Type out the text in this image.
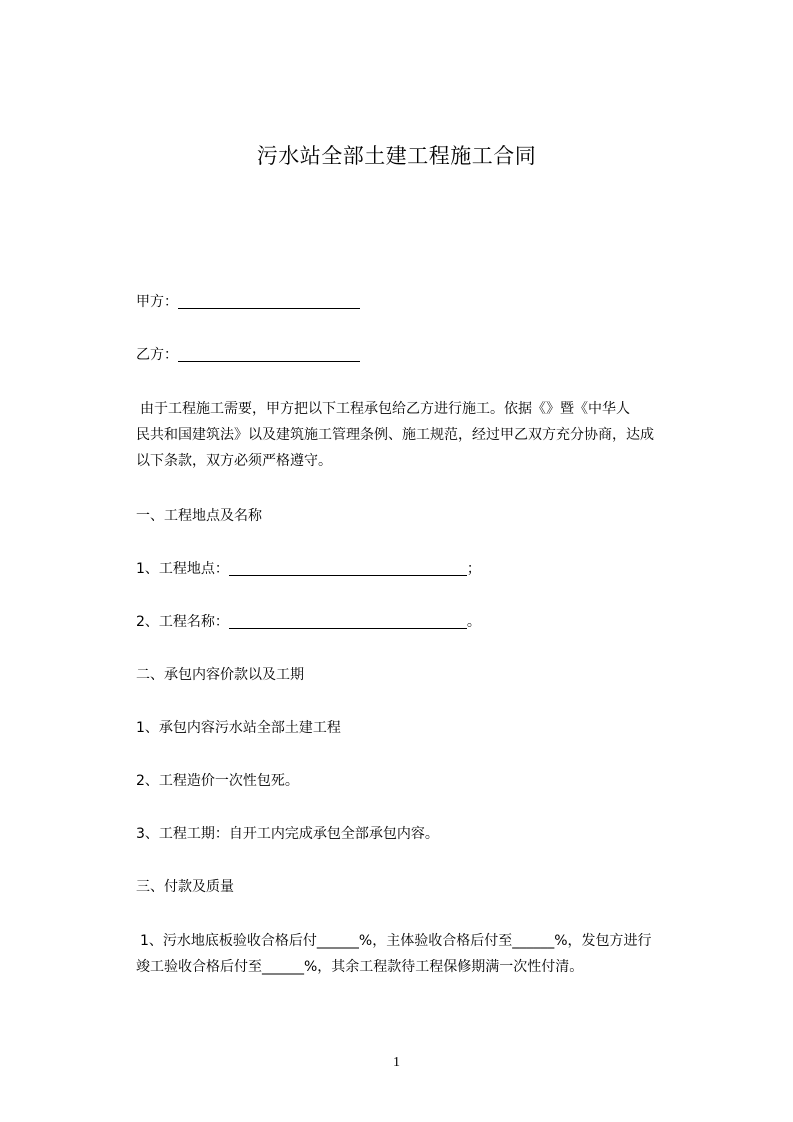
污水站全部土建工程施工合同
甲方：
乙方：
由于工程施工需要，甲方把以下工程承包给乙方进行施工。依据《》暨《中华人
民共和国建筑法》以及建筑施工管理条例、施工规范，经过甲乙双方充分协商，达成
以下条款，双方必须严格遵守。
一、工程地点及名称
1、工程地点：	；
2、工程名称：	。
二、承包内容价款以及工期
1、承包内容污水站全部土建工程
2、工程造价一次性包死。
3、工程工期：自开工内完成承包全部承包内容。
三、付款及质量
1、污水地底板验收合格后付______%，主体验收合格后付至______%，发包方进行
竣工验收合格后付至______%，其余工程款待工程保修期满一次性付清。
1
